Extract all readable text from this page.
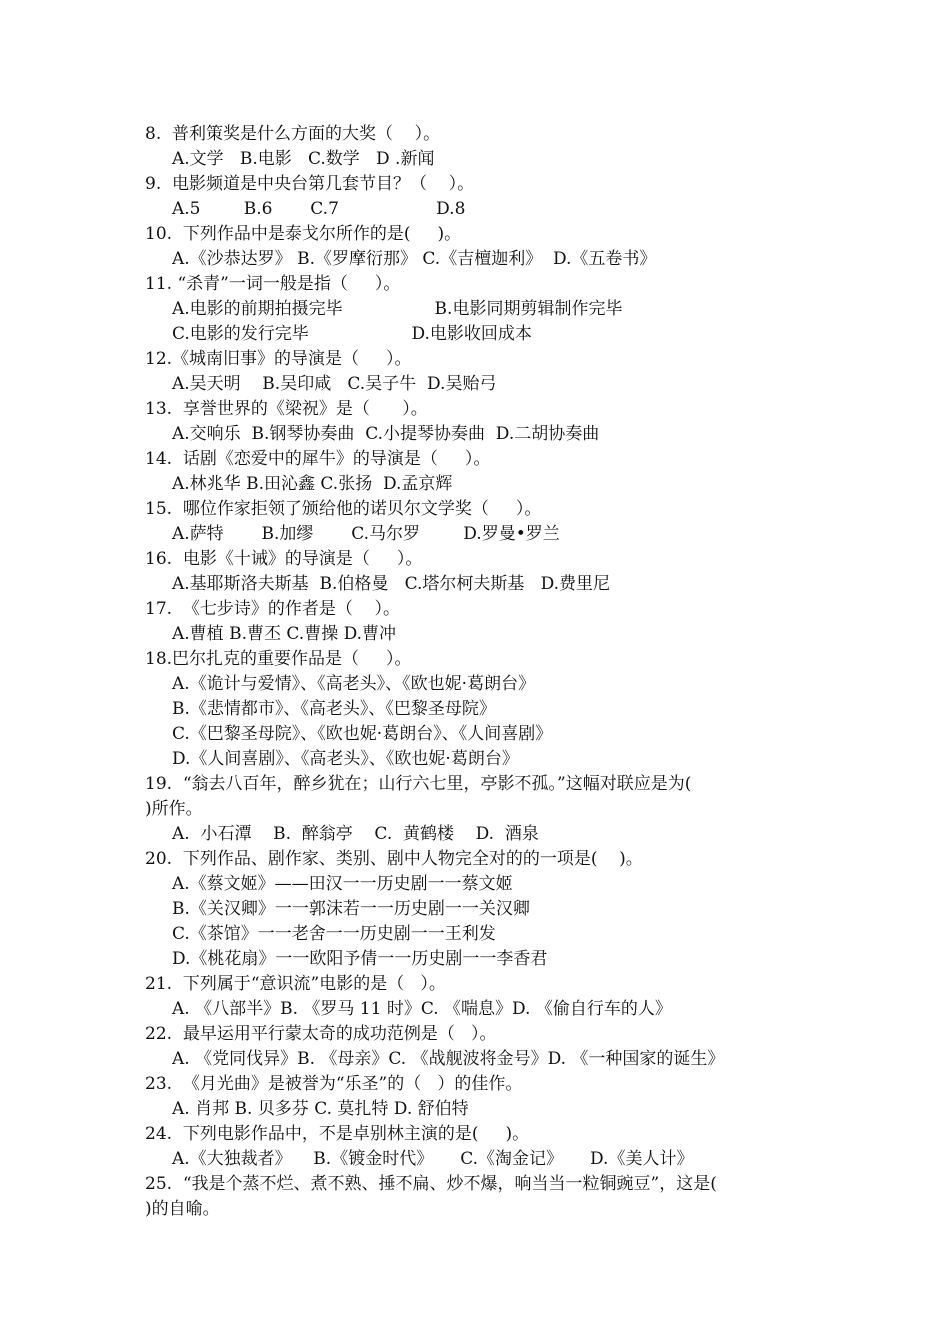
8.  普利策奖是什么方面的大奖（    ）。
A.文学   B.电影   C.数学   D .新闻
9.  电影频道是中央台第几套节目？（    ）。
A.5        B.6       C.7                  D.8
10.  下列作品中是泰戈尔所作的是(     )。
A.《沙恭达罗》 B.《罗摩衍那》 C.《吉檀迦利》  D.《五卷书》
11. “杀青”一词一般是指（     ）。
A.电影的前期拍摄完毕                 B.电影同期剪辑制作完毕
C.电影的发行完毕                   D.电影收回成本
12.《城南旧事》的导演是（     ）。
A.吴天明    B.吴印咸   C.吴子牛  D.吴贻弓
13.  享誉世界的《梁祝》是（      ）。
A.交响乐  B.钢琴协奏曲  C.小提琴协奏曲  D.二胡协奏曲
14.  话剧《恋爱中的犀牛》的导演是（     ）。
A.林兆华 B.田沁鑫 C.张扬  D.孟京辉
15.  哪位作家拒领了颁给他的诺贝尔文学奖（     ）。
A.萨特       B.加缪       C.马尔罗        D.罗曼•罗兰
16.  电影《十诫》的导演是（     ）。
A.基耶斯洛夫斯基  B.伯格曼   C.塔尔柯夫斯基   D.费里尼
17.  《七步诗》的作者是（    ）。
A.曹植 B.曹丕 C.曹操 D.曹冲
18.巴尔扎克的重要作品是（     ）。
A.《诡计与爱情》、《高老头》、《欧也妮·葛朗台》
B.《悲情都市》、《高老头》、《巴黎圣母院》
C.《巴黎圣母院》、《欧也妮·葛朗台》、《人间喜剧》
D.《人间喜剧》、《高老头》、《欧也妮·葛朗台》
19.  “翁去八百年，醉乡犹在；山行六七里，亭影不孤。”这幅对联应是为(
)所作。
A.  小石潭    B.  醉翁亭    C.  黄鹤楼    D.  酒泉
20.  下列作品、剧作家、类别、剧中人物完全对的的一项是(    )。
A.《蔡文姬》——田汉一一历史剧一一蔡文姬
B.《关汉卿》一一郭沫若一一历史剧一一关汉卿
C.《茶馆》一一老舍一一历史剧一一王利发
D.《桃花扇》一一欧阳予倩一一历史剧一一李香君
21.  下列属于“意识流”电影的是（   ）。
A. 《八部半》B. 《罗马 11 时》C. 《喘息》D. 《偷自行车的人》
22.  最早运用平行蒙太奇的成功范例是（   ）。
A. 《党同伐异》B. 《母亲》C. 《战舰波将金号》D. 《一种国家的诞生》
23.  《月光曲》是被誉为“乐圣”的（   ）的佳作。
A. 肖邦 B. 贝多芬 C. 莫扎特 D. 舒伯特
24.  下列电影作品中，不是卓别林主演的是(     )。
A.《大独裁者》    B.《镀金时代》     C.《淘金记》     D.《美人计》
25.  “我是个蒸不烂、煮不熟、捶不扁、炒不爆，响当当一粒铜豌豆”，这是(
)的自喻。
